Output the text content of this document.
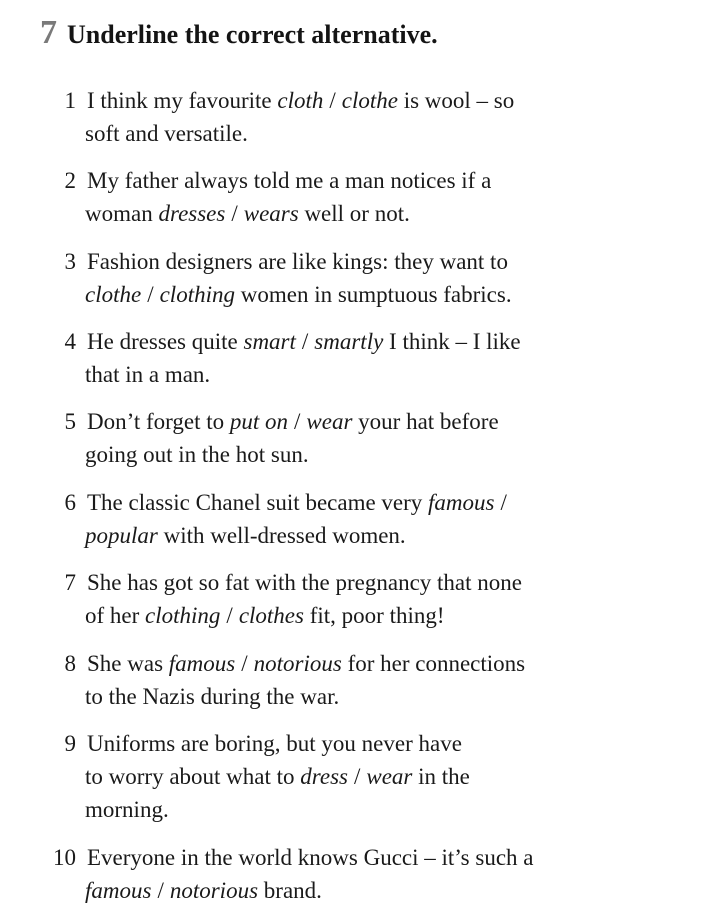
7 Underline the correct alternative.
1 I think my favourite cloth / clothe is wool – so
soft and versatile.
2 My father always told me a man notices if a
woman dresses / wears well or not.
3 Fashion designers are like kings: they want to
clothe / clothing women in sumptuous fabrics.
4 He dresses quite smart / smartly I think – I like
that in a man.
5 Don’t forget to put on / wear your hat before
going out in the hot sun.
6 The classic Chanel suit became very famous /
popular with well-dressed women.
7 She has got so fat with the pregnancy that none
of her clothing / clothes fit, poor thing!
8 She was famous / notorious for her connections
to the Nazis during the war.
9 Uniforms are boring, but you never have
to worry about what to dress / wear in the
morning.
10 Everyone in the world knows Gucci – it’s such a
famous / notorious brand.
